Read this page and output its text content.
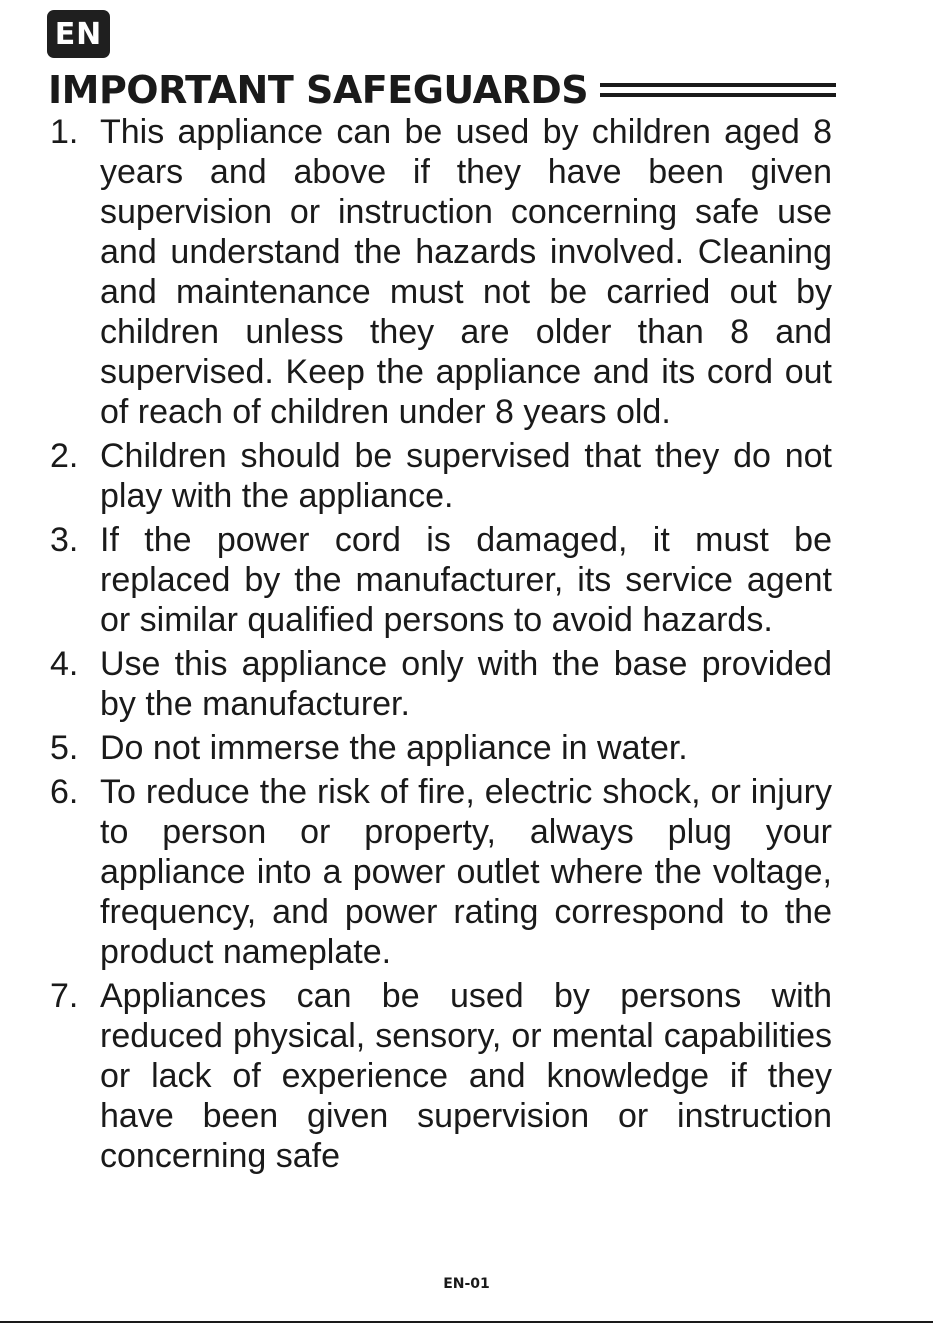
EN
IMPORTANT SAFEGUARDS
1. This appliance can be used by children aged 8 years and above if they have been given supervision or instruction concerning safe use and understand the hazards involved. Cleaning and maintenance must not be carried out by children unless they are older than 8 and supervised. Keep the appliance and its cord out of reach of children under 8 years old.
2. Children should be supervised that they do not play with the appliance.
3. If the power cord is damaged, it must be replaced by the manufacturer, its service agent or similar qualified persons to avoid hazards.
4. Use this appliance only with the base provided by the manufacturer.
5. Do not immerse the appliance in water.
6. To reduce the risk of fire, electric shock, or injury to person or property, always plug your appliance into a power outlet where the voltage, frequency, and power rating correspond to the product nameplate.
7. Appliances can be used by persons with reduced physical, sensory, or mental capabilities or lack of experience and knowledge if they have been given supervision or instruction concerning safe
EN-01
